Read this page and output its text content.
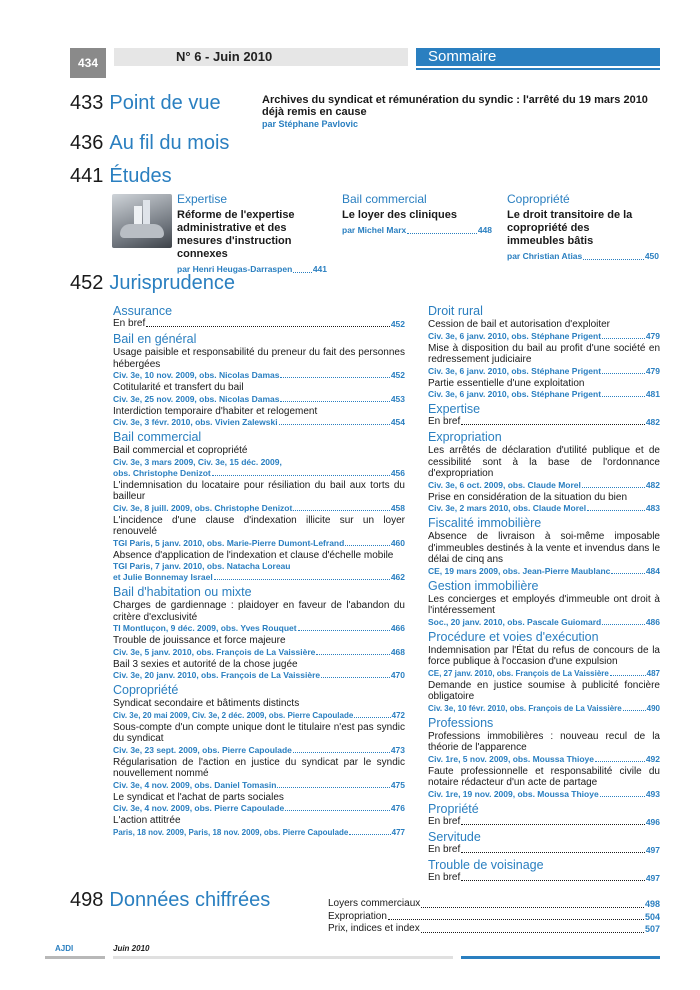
434	N° 6 - Juin 2010	Sommaire
433 Point de vue	Archives du syndicat et rémunération du syndic : l'arrêté du 19 mars 2010 déjà remis en cause
par Stéphane Pavlovic
436 Au fil du mois
441 Études
Expertise
Réforme de l'expertise administrative et des mesures d'instruction connexes
par Henri Heugas-Darraspen 441
Bail commercial
Le loyer des cliniques
par Michel Marx	448
Copropriété
Le droit transitoire de la copropriété des immeubles bâtis
par Christian Atias	450
452 Jurisprudence
Assurance
En bref	452
Bail en général
Usage paisible et responsabilité du preneur du fait des personnes hébergées
Civ. 3e, 10 nov. 2009, obs. Nicolas Damas	452
Cotitularité et transfert du bail
Civ. 3e, 25 nov. 2009, obs. Nicolas Damas	453
Interdiction temporaire d'habiter et relogement
Civ. 3e, 3 févr. 2010, obs. Vivien Zalewski	454
Bail commercial
Bail commercial et copropriété
Civ. 3e, 3 mars 2009, Civ. 3e, 15 déc. 2009,
obs. Christophe Denizot	456
L'indemnisation du locataire pour résiliation du bail aux torts du bailleur
Civ. 3e, 8 juill. 2009, obs. Christophe Denizot	458
L'incidence d'une clause d'indexation illicite sur un loyer renouvelé
TGI Paris, 5 janv. 2010, obs. Marie-Pierre Dumont-Lefrand	460
Absence d'application de l'indexation et clause d'échelle mobile
TGI Paris, 7 janv. 2010, obs. Natacha Loreau
et Julie Bonnemay Israel	462
Bail d'habitation ou mixte
Charges de gardiennage : plaidoyer en faveur de l'abandon du critère d'exclusivité
TI Montluçon, 9 déc. 2009, obs. Yves Rouquet	466
Trouble de jouissance et force majeure
Civ. 3e, 5 janv. 2010, obs. François de La Vaissière	468
Bail 3 sexies et autorité de la chose jugée
Civ. 3e, 20 janv. 2010, obs. François de La Vaissière	470
Copropriété
Syndicat secondaire et bâtiments distincts
Civ. 3e, 20 mai 2009, Civ. 3e, 2 déc. 2009, obs. Pierre Capoulade	472
Sous-compte d'un compte unique dont le titulaire n'est pas syndic du syndicat
Civ. 3e, 23 sept. 2009, obs. Pierre Capoulade	473
Régularisation de l'action en justice du syndicat par le syndic nouvellement nommé
Civ. 3e, 4 nov. 2009, obs. Daniel Tomasin	475
Le syndicat et l'achat de parts sociales
Civ. 3e, 4 nov. 2009, obs. Pierre Capoulade	476
L'action attitrée
Paris, 18 nov. 2009, Paris, 18 nov. 2009, obs. Pierre Capoulade	477
Droit rural
Cession de bail et autorisation d'exploiter
Civ. 3e, 6 janv. 2010, obs. Stéphane Prigent	479
Mise à disposition du bail au profit d'une société en redressement judiciaire
Civ. 3e, 6 janv. 2010, obs. Stéphane Prigent	479
Partie essentielle d'une exploitation
Civ. 3e, 6 janv. 2010, obs. Stéphane Prigent	481
Expertise
En bref	482
Expropriation
Les arrêtés de déclaration d'utilité publique et de cessibilité sont à la base de l'ordonnance d'expropriation
Civ. 3e, 6 oct. 2009, obs. Claude Morel	482
Prise en considération de la situation du bien
Civ. 3e, 2 mars 2010, obs. Claude Morel	483
Fiscalité immobilière
Absence de livraison à soi-même imposable d'immeubles destinés à la vente et invendus dans le délai de cinq ans
CE, 19 mars 2009, obs. Jean-Pierre Maublanc	484
Gestion immobilière
Les concierges et employés d'immeuble ont droit à l'intéressement
Soc., 20 janv. 2010, obs. Pascale Guiomard	486
Procédure et voies d'exécution
Indemnisation par l'État du refus de concours de la force publique à l'occasion d'une expulsion
CE, 27 janv. 2010, obs. François de La Vaissière	487
Demande en justice soumise à publicité foncière obligatoire
Civ. 3e, 10 févr. 2010, obs. François de La Vaissière	490
Professions
Professions immobilières : nouveau recul de la théorie de l'apparence
Civ. 1re, 5 nov. 2009, obs. Moussa Thioye	492
Faute professionnelle et responsabilité civile du notaire rédacteur d'un acte de partage
Civ. 1re, 19 nov. 2009, obs. Moussa Thioye	493
Propriété
En bref	496
Servitude
En bref	497
Trouble de voisinage
En bref	497
498 Données chiffrées	Loyers commerciaux	498
Expropriation	504
Prix, indices et index	507
AJDI	Juin 2010
